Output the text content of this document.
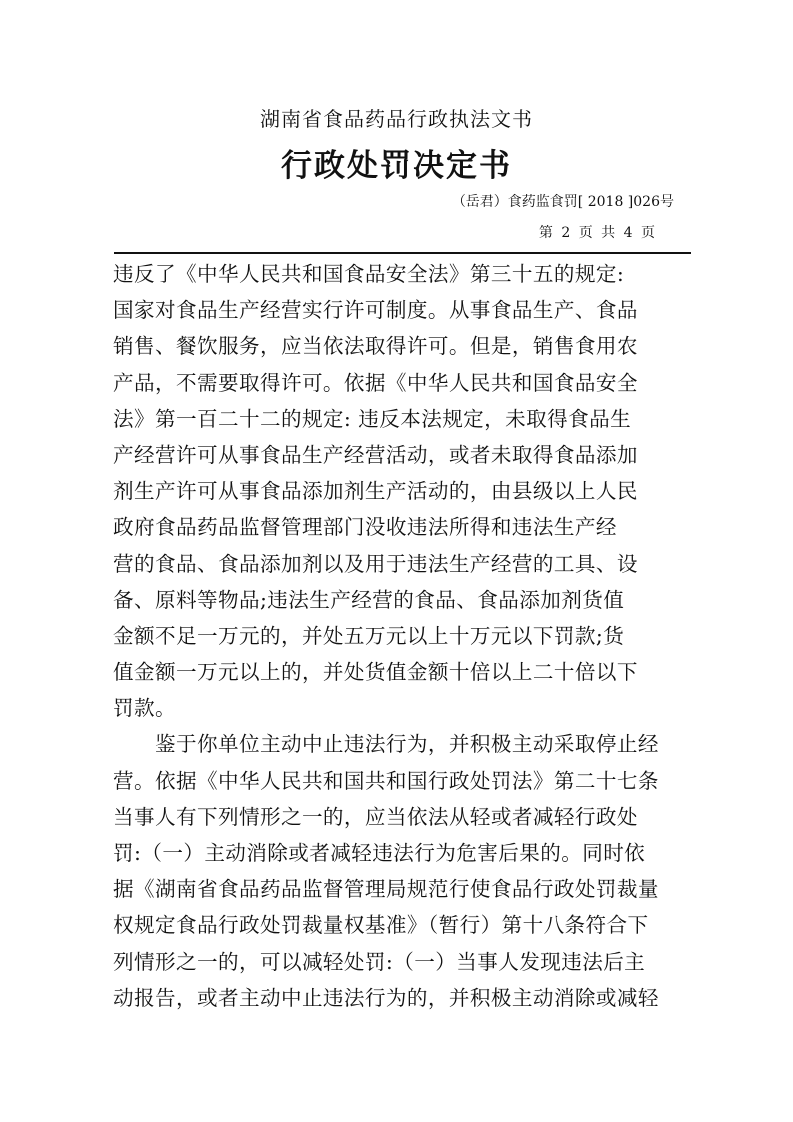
湖南省食品药品行政执法文书
行政处罚决定书
（岳君）食药监食罚[ 2018 ]026号
第 2 页 共 4 页
违反了《中华人民共和国食品安全法》第三十五的规定:
国家对食品生产经营实行许可制度。从事食品生产、食品
销售、餐饮服务，应当依法取得许可。但是，销售食用农
产品，不需要取得许可。依据《中华人民共和国食品安全
法》第一百二十二的规定: 违反本法规定，未取得食品生
产经营许可从事食品生产经营活动，或者未取得食品添加
剂生产许可从事食品添加剂生产活动的，由县级以上人民
政府食品药品监督管理部门没收违法所得和违法生产经
营的食品、食品添加剂以及用于违法生产经营的工具、设
备、原料等物品;违法生产经营的食品、食品添加剂货值
金额不足一万元的，并处五万元以上十万元以下罚款;货
值金额一万元以上的，并处货值金额十倍以上二十倍以下
罚款。
　　鉴于你单位主动中止违法行为，并积极主动采取停止经
营。依据《中华人民共和国共和国行政处罚法》第二十七条
当事人有下列情形之一的，应当依法从轻或者减轻行政处
罚:（一）主动消除或者减轻违法行为危害后果的。同时依
据《湖南省食品药品监督管理局规范行使食品行政处罚裁量
权规定食品行政处罚裁量权基准》（暂行）第十八条符合下
列情形之一的，可以减轻处罚:（一）当事人发现违法后主
动报告，或者主动中止违法行为的，并积极主动消除或减轻
